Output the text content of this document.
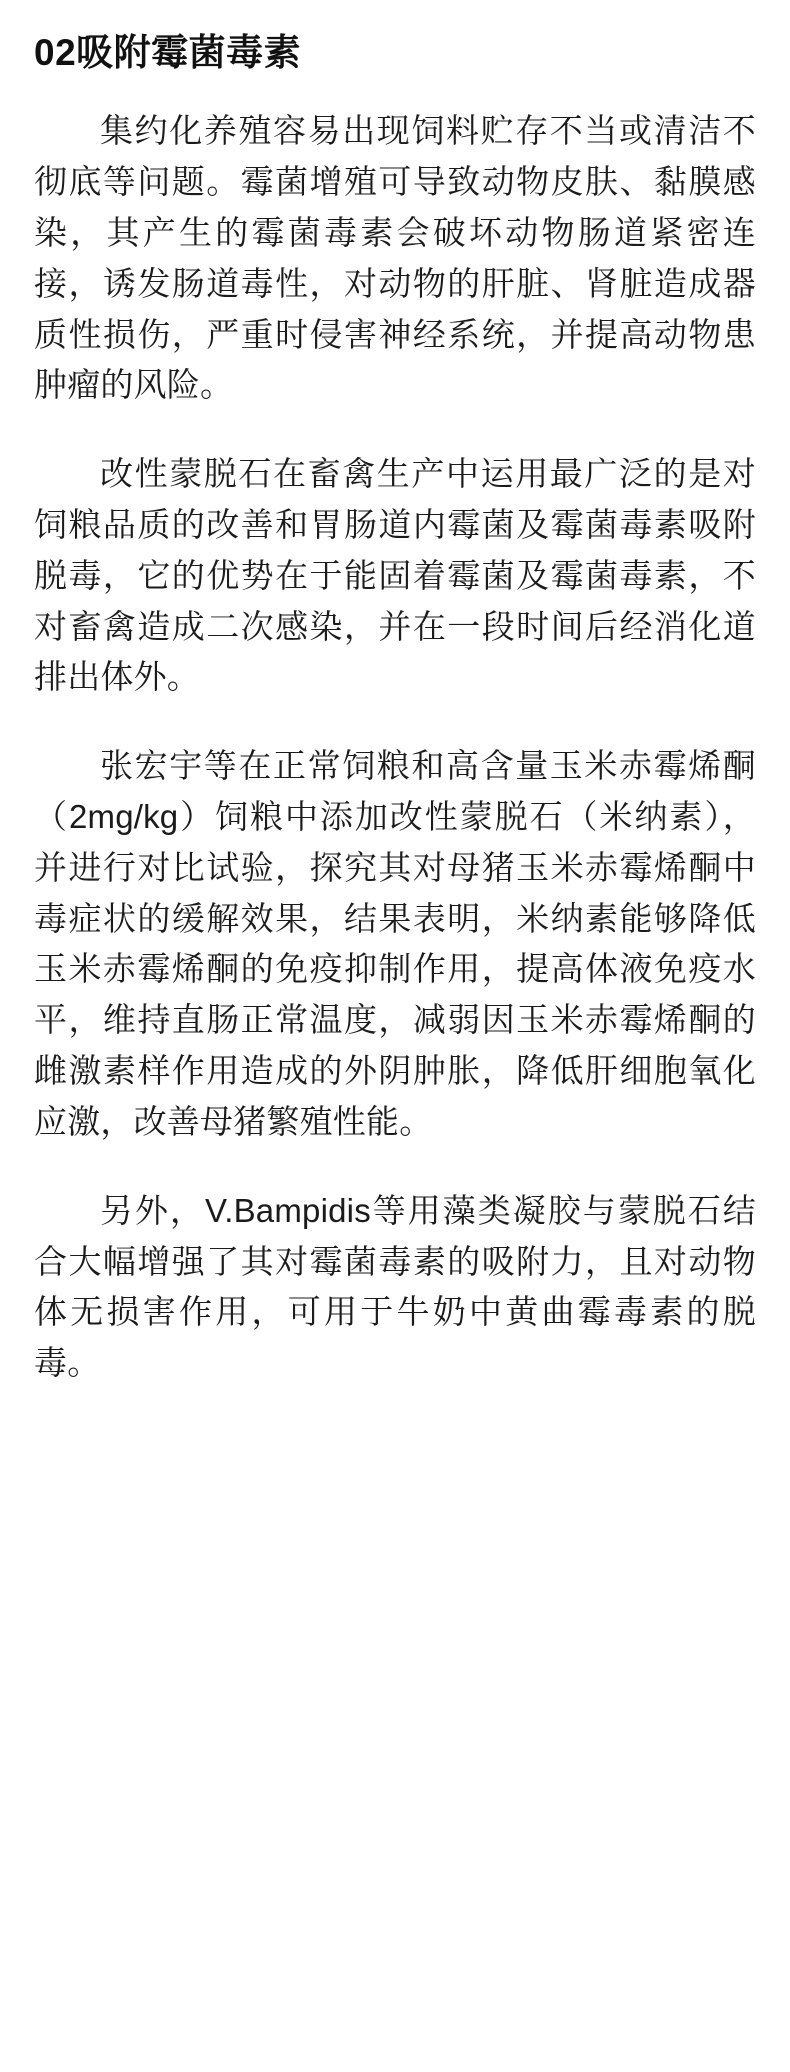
02吸附霉菌毒素

集约化养殖容易出现饲料贮存不当或清洁不彻底等问题。霉菌增殖可导致动物皮肤、黏膜感染，其产生的霉菌毒素会破坏动物肠道紧密连接，诱发肠道毒性，对动物的肝脏、肾脏造成器质性损伤，严重时侵害神经系统，并提高动物患肿瘤的风险。

改性蒙脱石在畜禽生产中运用最广泛的是对饲粮品质的改善和胃肠道内霉菌及霉菌毒素吸附脱毒，它的优势在于能固着霉菌及霉菌毒素，不对畜禽造成二次感染，并在一段时间后经消化道排出体外。

张宏宇等在正常饲粮和高含量玉米赤霉烯酮（2mg/kg）饲粮中添加改性蒙脱石（米纳素），并进行对比试验，探究其对母猪玉米赤霉烯酮中毒症状的缓解效果，结果表明，米纳素能够降低玉米赤霉烯酮的免疫抑制作用，提高体液免疫水平，维持直肠正常温度，减弱因玉米赤霉烯酮的雌激素样作用造成的外阴肿胀，降低肝细胞氧化应激，改善母猪繁殖性能。

另外，V.Bampidis等用藻类凝胶与蒙脱石结合大幅增强了其对霉菌毒素的吸附力，且对动物体无损害作用，可用于牛奶中黄曲霉毒素的脱毒。
